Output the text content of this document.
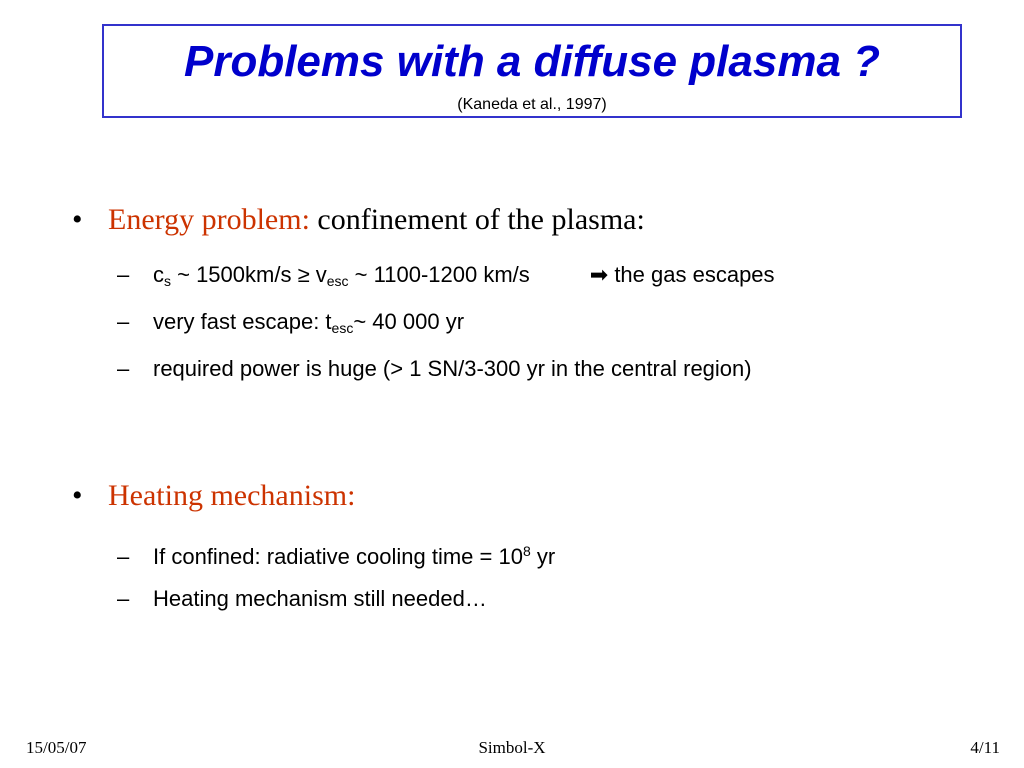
Problems with a diffuse plasma ?
(Kaneda et al., 1997)
• Energy problem: confinement of the plasma:
– $c_s$ ~ $1500km/s \ge v_{esc}$ ~ 1100-1200 km/s	➡ the gas escapes
– very fast escape: $t_{esc}\sim$ 40 000 yr
– required power is huge (> 1 SN/3-300 yr in the central region)
• Heating mechanism:
– If confined: radiative cooling time = $10^8$ yr
– Heating mechanism still needed…
15/05/07	Simbol-X	4/11
